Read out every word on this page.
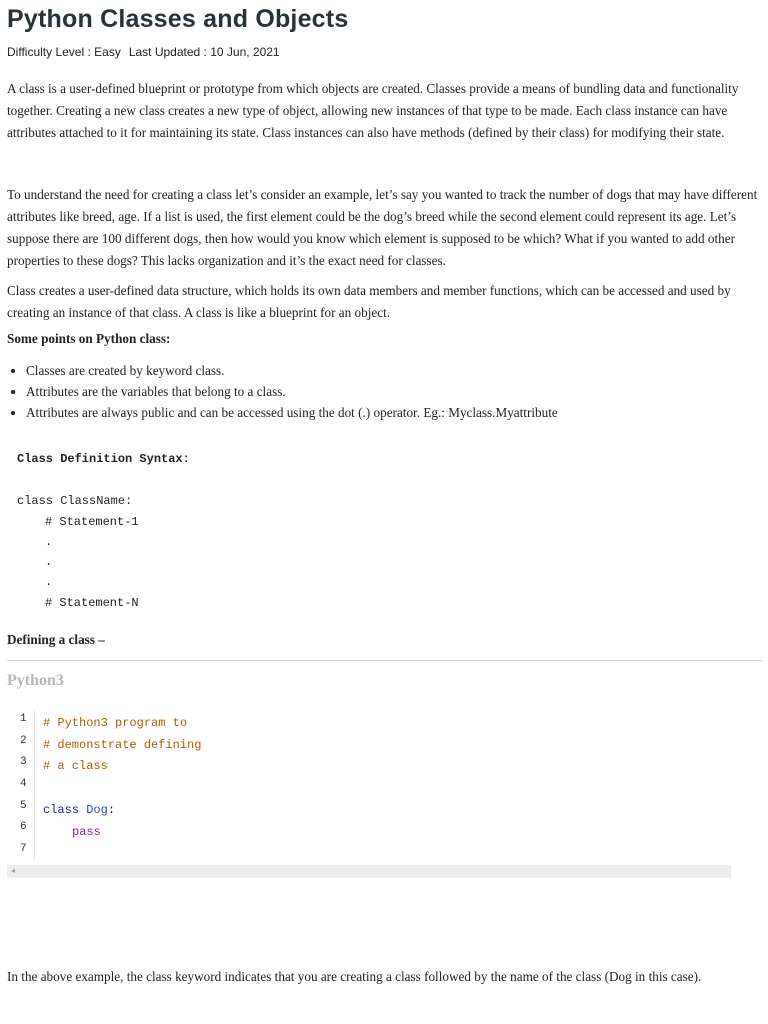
Python Classes and Objects
Difficulty Level : Easy Last Updated : 10 Jun, 2021

A class is a user-defined blueprint or prototype from which objects are created. Classes provide a means of bundling data and functionality together. Creating a new class creates a new type of object, allowing new instances of that type to be made. Each class instance can have attributes attached to it for maintaining its state. Class instances can also have methods (defined by their class) for modifying their state.

To understand the need for creating a class let’s consider an example, let’s say you wanted to track the number of dogs that may have different attributes like breed, age. If a list is used, the first element could be the dog’s breed while the second element could represent its age. Let’s suppose there are 100 different dogs, then how would you know which element is supposed to be which? What if you wanted to add other properties to these dogs? This lacks organization and it’s the exact need for classes.

Class creates a user-defined data structure, which holds its own data members and member functions, which can be accessed and used by creating an instance of that class. A class is like a blueprint for an object.

Some points on Python class:
• Classes are created by keyword class.
• Attributes are the variables that belong to a class.
• Attributes are always public and can be accessed using the dot (.) operator. Eg.: Myclass.Myattribute
Class Definition Syntax:
class ClassName:
# Statement-1
.
.
.
# Statement-N
Defining a class –
Python3
1
2
3
4
5
6
7
# Python3 program to
# demonstrate defining
# a class
class Dog:
pass
◂

In the above example, the class keyword indicates that you are creating a class followed by the name of the class (Dog in this case).
